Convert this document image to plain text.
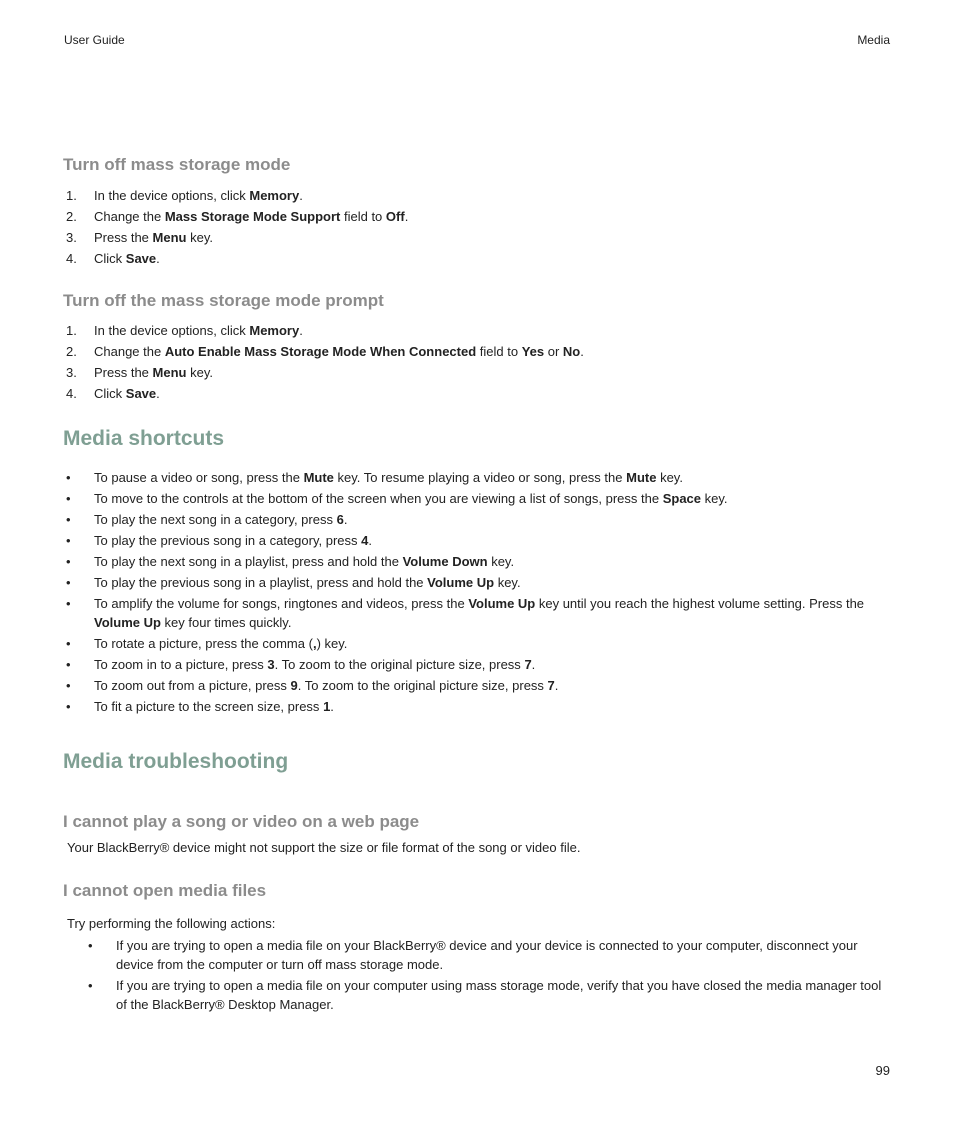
User Guide	Media
Turn off mass storage mode
1. In the device options, click Memory.
2. Change the Mass Storage Mode Support field to Off.
3. Press the Menu key.
4. Click Save.
Turn off the mass storage mode prompt
1. In the device options, click Memory.
2. Change the Auto Enable Mass Storage Mode When Connected field to Yes or No.
3. Press the Menu key.
4. Click Save.
Media shortcuts
• To pause a video or song, press the Mute key. To resume playing a video or song, press the Mute key.
• To move to the controls at the bottom of the screen when you are viewing a list of songs, press the Space key.
• To play the next song in a category, press 6.
• To play the previous song in a category, press 4.
• To play the next song in a playlist, press and hold the Volume Down key.
• To play the previous song in a playlist, press and hold the Volume Up key.
• To amplify the volume for songs, ringtones and videos, press the Volume Up key until you reach the highest volume setting. Press the Volume Up key four times quickly.
• To rotate a picture, press the comma (,) key.
• To zoom in to a picture, press 3. To zoom to the original picture size, press 7.
• To zoom out from a picture, press 9. To zoom to the original picture size, press 7.
• To fit a picture to the screen size, press 1.
Media troubleshooting
I cannot play a song or video on a web page
Your BlackBerry® device might not support the size or file format of the song or video file.
I cannot open media files
Try performing the following actions:
• If you are trying to open a media file on your BlackBerry® device and your device is connected to your computer, disconnect your device from the computer or turn off mass storage mode.
• If you are trying to open a media file on your computer using mass storage mode, verify that you have closed the media manager tool of the BlackBerry® Desktop Manager.
99
